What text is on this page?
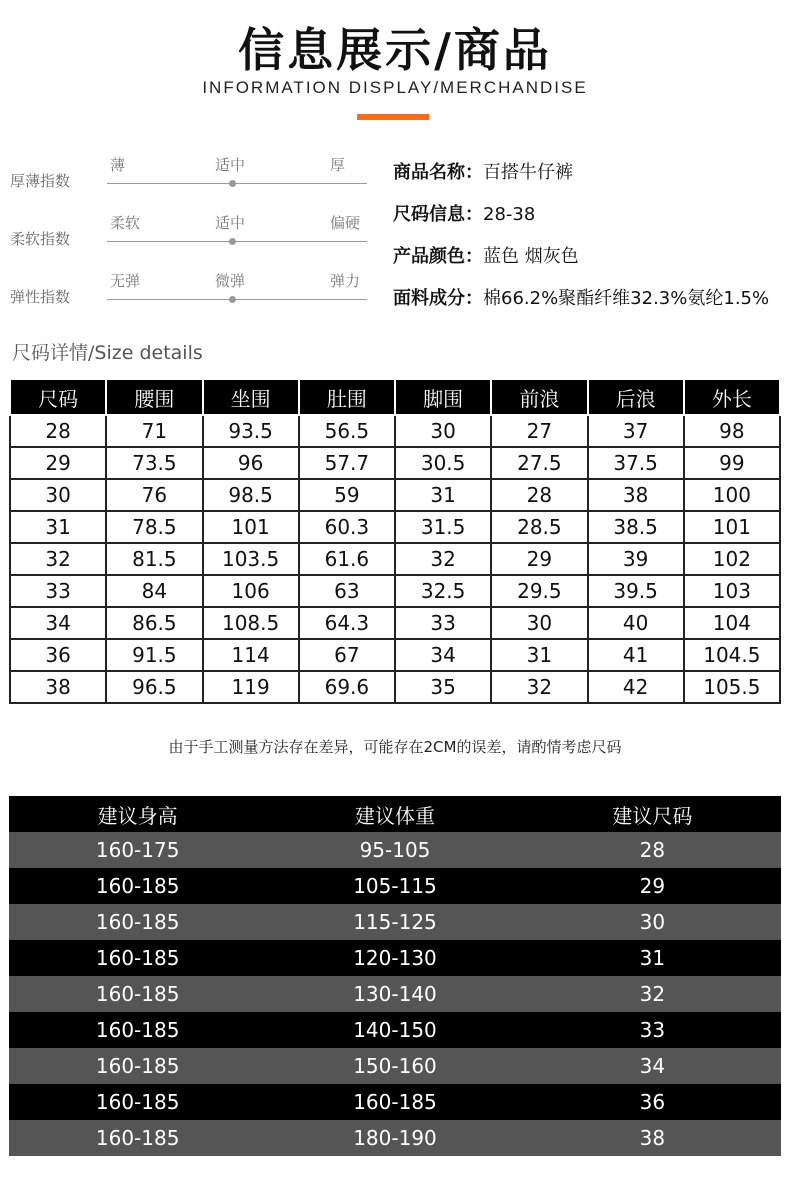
信息展示/商品
INFORMATION DISPLAY/MERCHANDISE
厚薄指数
薄	适中	厚
柔软指数
柔软	适中	偏硬
弹性指数
无弹	微弹	弹力
商品名称：百搭牛仔裤
尺码信息：28-38
产品颜色：蓝色 烟灰色
面料成分：棉66.2%聚酯纤维32.3%氨纶1.5%
尺码详情/Size details
尺码	腰围	坐围	肚围	脚围	前浪	后浪	外长
28	71	93.5	56.5	30	27	37	98
29	73.5	96	57.7	30.5	27.5	37.5	99
30	76	98.5	59	31	28	38	100
31	78.5	101	60.3	31.5	28.5	38.5	101
32	81.5	103.5	61.6	32	29	39	102
33	84	106	63	32.5	29.5	39.5	103
34	86.5	108.5	64.3	33	30	40	104
36	91.5	114	67	34	31	41	104.5
38	96.5	119	69.6	35	32	42	105.5
由于手工测量方法存在差异，可能存在2CM的误差，请酌情考虑尺码
建议身高	建议体重	建议尺码
160-175	95-105	28
160-185	105-115	29
160-185	115-125	30
160-185	120-130	31
160-185	130-140	32
160-185	140-150	33
160-185	150-160	34
160-185	160-185	36
160-185	180-190	38
